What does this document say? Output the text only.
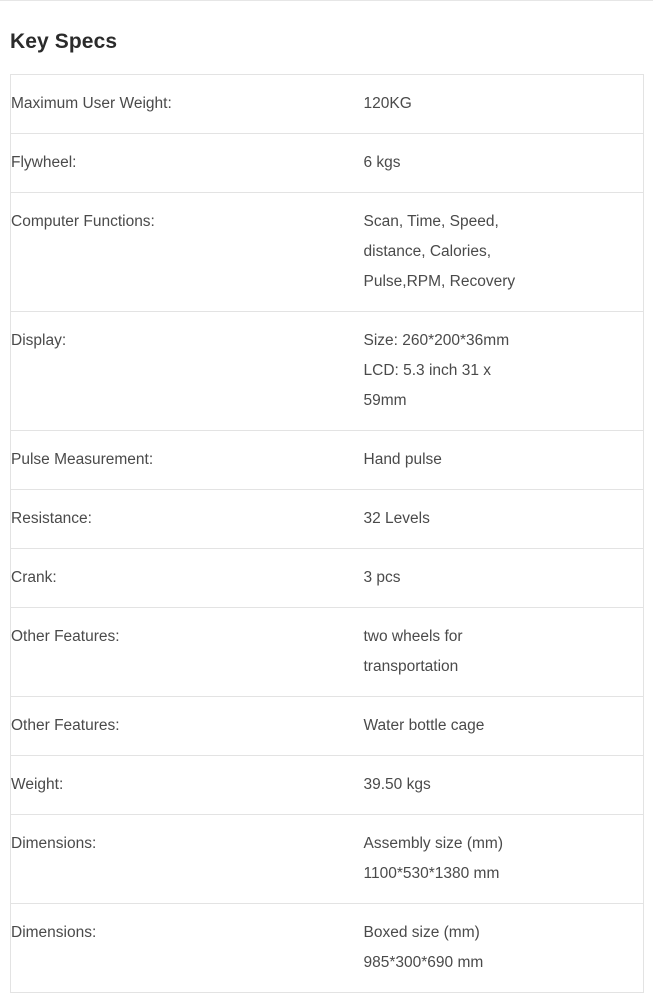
Key Specs
Maximum User Weight:	120KG

Flywheel:	6 kgs

Computer Functions:	Scan, Time, Speed,
distance, Calories,
Pulse,RPM, Recovery

Display:	Size: 260*200*36mm
LCD: 5.3 inch 31 x
59mm

Pulse Measurement:	Hand pulse

Resistance:	32 Levels

Crank:	3 pcs

Other Features:	two wheels for
transportation

Other Features:	Water bottle cage

Weight:	39.50 kgs

Dimensions:	Assembly size (mm)
1100*530*1380 mm

Dimensions:	Boxed size (mm)
985*300*690 mm
